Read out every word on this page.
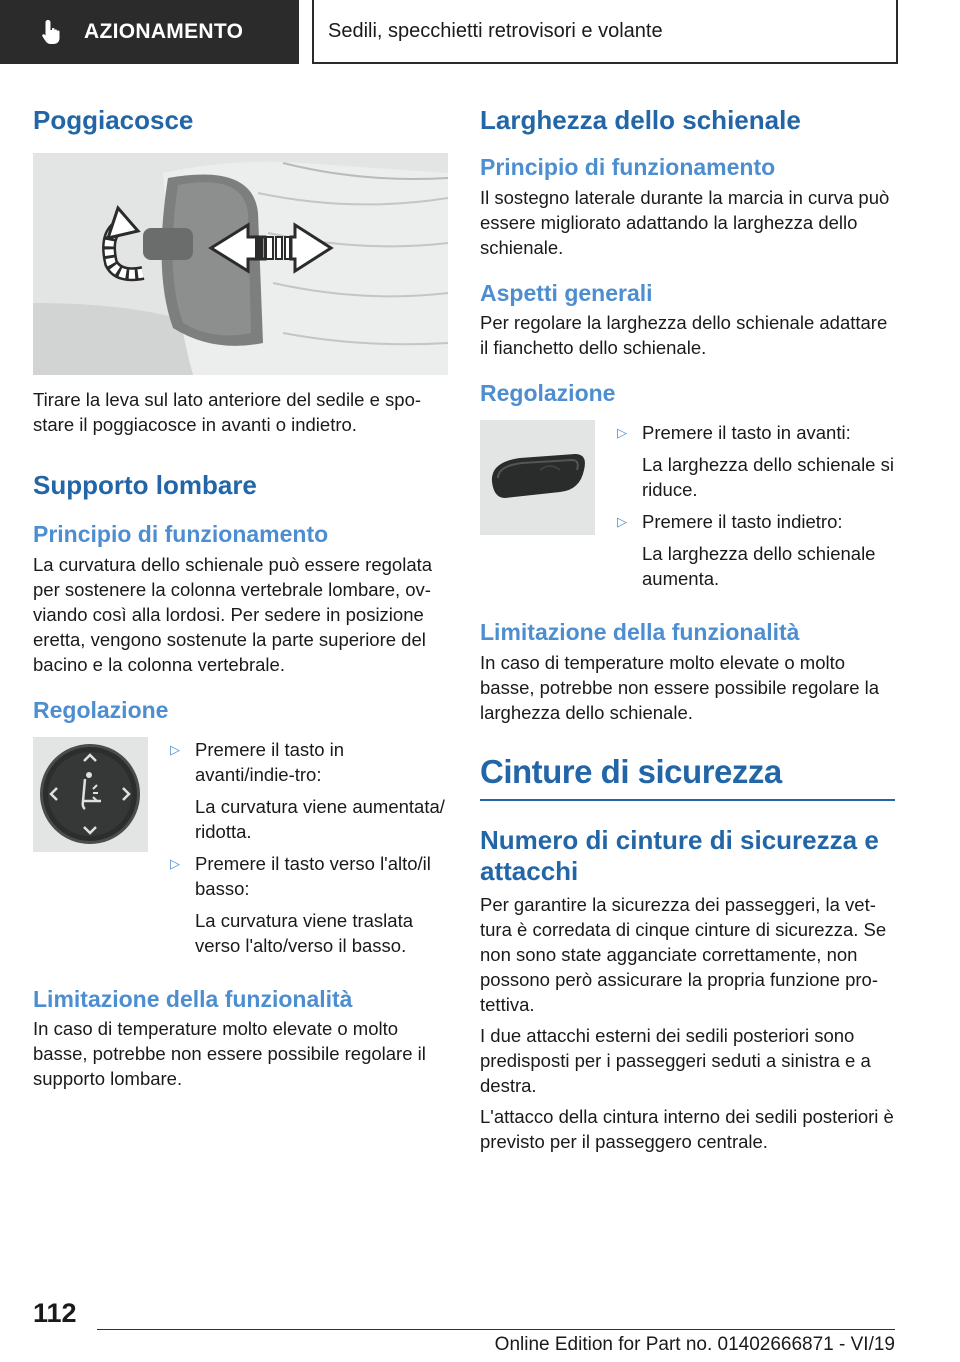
AZIONAMENTO	Sedili, specchietti retrovisori e volante
Poggiacosce

Tirare la leva sul lato anteriore del sedile e spo-stare il poggiacosce in avanti o indietro.

Supporto lombare
Principio di funzionamento

La curvatura dello schienale può essere regolata per sostenere la colonna vertebrale lombare, ov-viando così alla lordosi. Per sedere in posizione eretta, vengono sostenute la parte superiore del bacino e la colonna vertebrale.

Regolazione
▷ Premere il tasto in avanti/indie-tro:
La curvatura viene aumentata/ ridotta.
▷ Premere il tasto verso l'alto/il basso:
La curvatura viene traslata verso l'alto/verso il basso.
Limitazione della funzionalità

In caso di temperature molto elevate o molto basse, potrebbe non essere possibile regolare il supporto lombare.

Larghezza dello schienale
Principio di funzionamento

Il sostegno laterale durante la marcia in curva può essere migliorato adattando la larghezza dello schienale.

Aspetti generali

Per regolare la larghezza dello schienale adattare il fianchetto dello schienale.

Regolazione
▷ Premere il tasto in avanti:
La larghezza dello schienale si riduce.
▷ Premere il tasto indietro:
La larghezza dello schienale aumenta.
Limitazione della funzionalità

In caso di temperature molto elevate o molto basse, potrebbe non essere possibile regolare la larghezza dello schienale.

Cinture di sicurezza
Numero di cinture di sicurezza e attacchi

Per garantire la sicurezza dei passeggeri, la vet-tura è corredata di cinque cinture di sicurezza. Se non sono state agganciate correttamente, non possono però assicurare la propria funzione pro-tettiva.

I due attacchi esterni dei sedili posteriori sono predisposti per i passeggeri seduti a sinistra e a destra.

L'attacco della cintura interno dei sedili posteriori è previsto per il passeggero centrale.

112
Online Edition for Part no. 01402666871 - VI/19
